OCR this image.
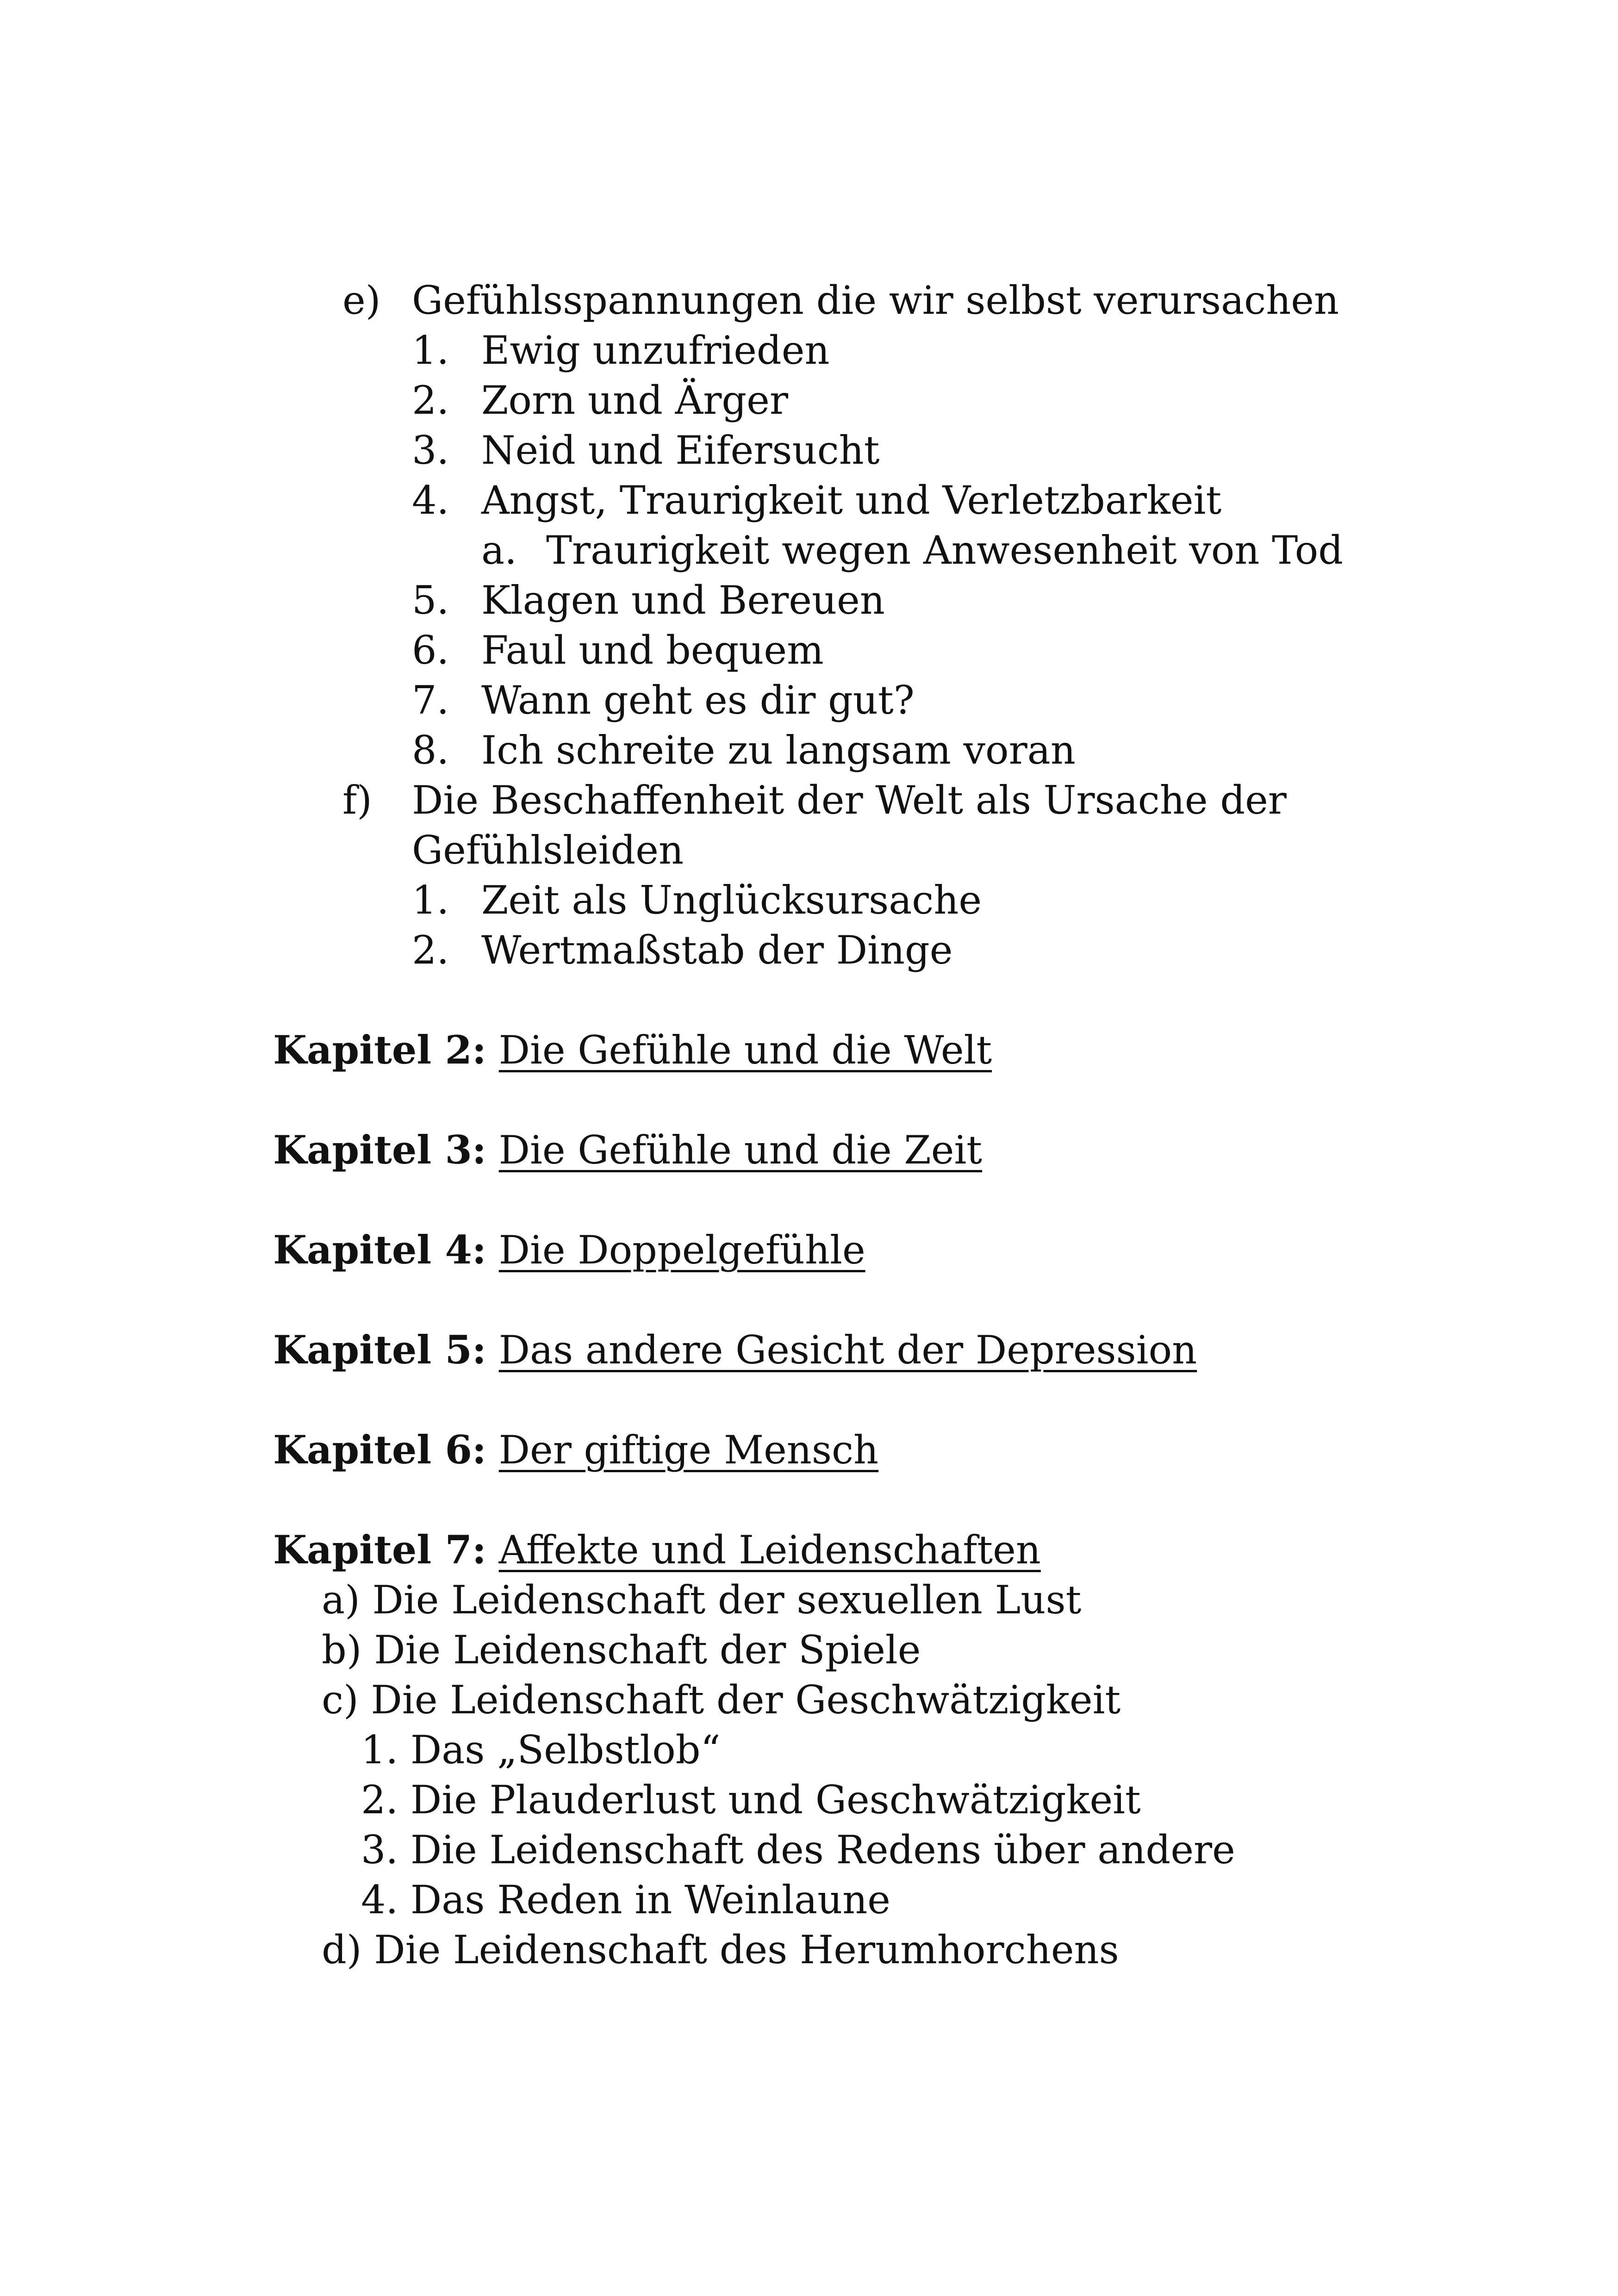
e) Gefühlsspannungen die wir selbst verursachen
1. Ewig unzufrieden
2. Zorn und Ärger
3. Neid und Eifersucht
4. Angst, Traurigkeit und Verletzbarkeit
a. Traurigkeit wegen Anwesenheit von Tod
5. Klagen und Bereuen
6. Faul und bequem
7. Wann geht es dir gut?
8. Ich schreite zu langsam voran
f) Die Beschaffenheit der Welt als Ursache der
Gefühlsleiden
1. Zeit als Unglücksursache
2. Wertmaßstab der Dinge
Kapitel 2: Die Gefühle und die Welt
Kapitel 3: Die Gefühle und die Zeit
Kapitel 4: Die Doppelgefühle
Kapitel 5: Das andere Gesicht der Depression
Kapitel 6: Der giftige Mensch
Kapitel 7: Affekte und Leidenschaften
a) Die Leidenschaft der sexuellen Lust
b) Die Leidenschaft der Spiele
c) Die Leidenschaft der Geschwätzigkeit
1. Das „Selbstlob“
2. Die Plauderlust und Geschwätzigkeit
3. Die Leidenschaft des Redens über andere
4. Das Reden in Weinlaune
d) Die Leidenschaft des Herumhorchens
